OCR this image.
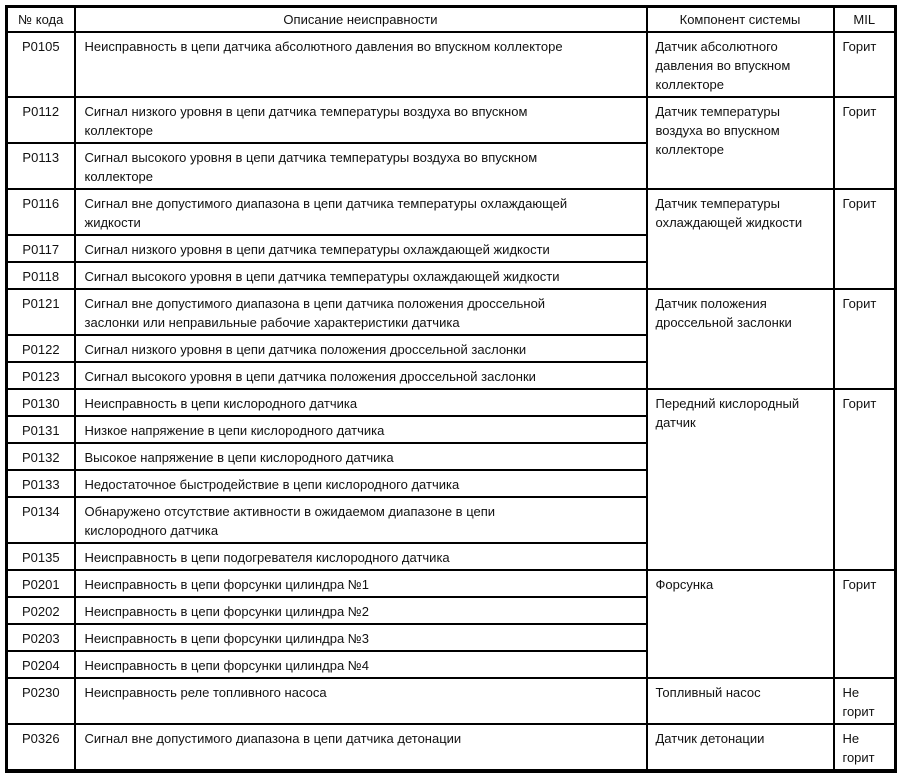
№ кода	Описание неисправности	Компонент системы	MIL
P0105	Неисправность в цепи датчика абсолютного давления во впускном коллекторе	Датчик абсолютного
давления во впускном
коллекторе	Горит
P0112	Сигнал низкого уровня в цепи датчика температуры воздуха во впускном
коллекторе	Датчик температуры
воздуха во впускном
коллекторе	Горит
P0113	Сигнал высокого уровня в цепи датчика температуры воздуха во впускном
коллекторе		
P0116	Сигнал вне допустимого диапазона в цепи датчика температуры охлаждающей
жидкости	Датчик температуры
охлаждающей жидкости	Горит
P0117	Сигнал низкого уровня в цепи датчика температуры охлаждающей жидкости		
P0118	Сигнал высокого уровня в цепи датчика температуры охлаждающей жидкости		
P0121	Сигнал вне допустимого диапазона в цепи датчика положения дроссельной
заслонки или неправильные рабочие характеристики датчика	Датчик положения
дроссельной заслонки	Горит
P0122	Сигнал низкого уровня в цепи датчика положения дроссельной заслонки		
P0123	Сигнал высокого уровня в цепи датчика положения дроссельной заслонки		
P0130	Неисправность в цепи кислородного датчика	Передний кислородный
датчик	Горит
P0131	Низкое напряжение в цепи кислородного датчика		
P0132	Высокое напряжение в цепи кислородного датчика		
P0133	Недостаточное быстродействие в цепи кислородного датчика		
P0134	Обнаружено отсутствие активности в ожидаемом диапазоне в цепи
кислородного датчика		
P0135	Неисправность в цепи подогревателя кислородного датчика		
P0201	Неисправность в цепи форсунки цилиндра №1	Форсунка	Горит
P0202	Неисправность в цепи форсунки цилиндра №2		
P0203	Неисправность в цепи форсунки цилиндра №3		
P0204	Неисправность в цепи форсунки цилиндра №4		
P0230	Неисправность реле топливного насоса	Топливный насос	Не
горит
P0326	Сигнал вне допустимого диапазона в цепи датчика детонации	Датчик детонации	Не
горит
